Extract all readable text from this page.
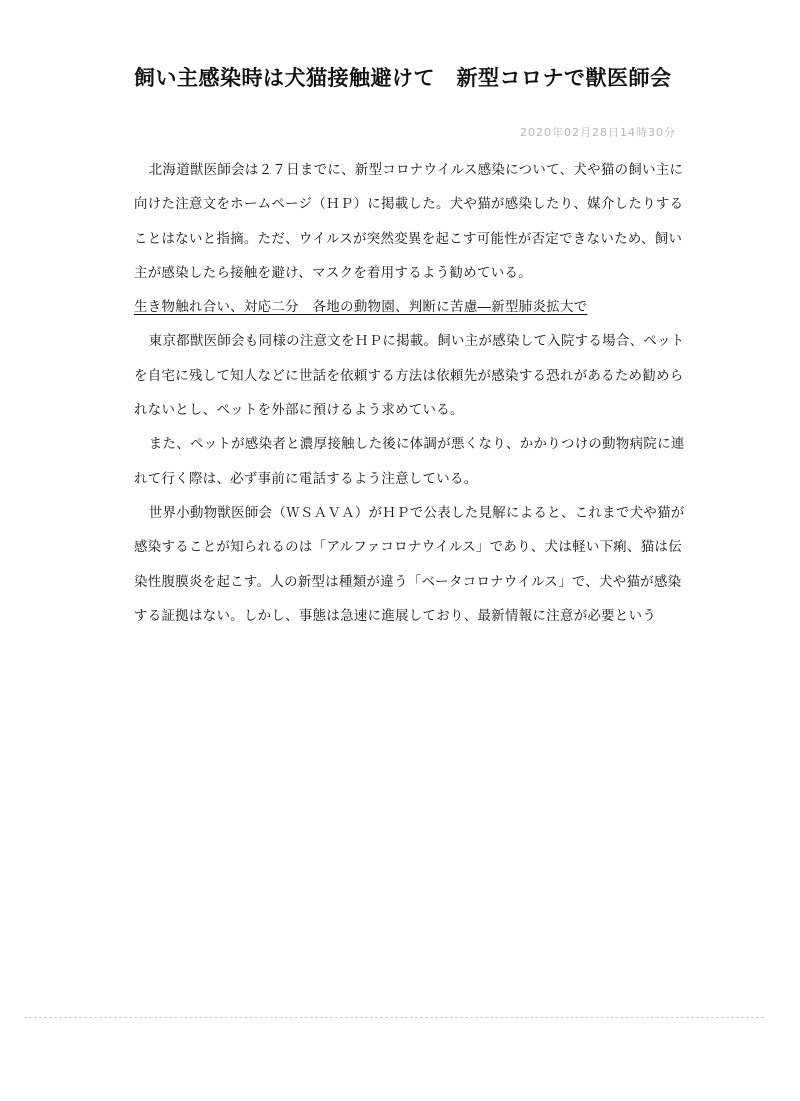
飼い主感染時は犬猫接触避けて　新型コロナで獣医師会
2020年02月28日14時30分

北海道獣医師会は２７日までに、新型コロナウイルス感染について、犬や猫の飼い主に向けた注意文をホームページ（ＨＰ）に掲載した。犬や猫が感染したり、媒介したりすることはないと指摘。ただ、ウイルスが突然変異を起こす可能性が否定できないため、飼い主が感染したら接触を避け、マスクを着用するよう勧めている。

生き物触れ合い、対応二分　各地の動物園、判断に苦慮―新型肺炎拡大で

東京都獣医師会も同様の注意文をＨＰに掲載。飼い主が感染して入院する場合、ペットを自宅に残して知人などに世話を依頼する方法は依頼先が感染する恐れがあるため勧められないとし、ペットを外部に預けるよう求めている。

また、ペットが感染者と濃厚接触した後に体調が悪くなり、かかりつけの動物病院に連れて行く際は、必ず事前に電話するよう注意している。

世界小動物獣医師会（ＷＳＡＶＡ）がＨＰで公表した見解によると、これまで犬や猫が感染することが知られるのは「アルファコロナウイルス」であり、犬は軽い下痢、猫は伝染性腹膜炎を起こす。人の新型は種類が違う「ベータコロナウイルス」で、犬や猫が感染する証拠はない。しかし、事態は急速に進展しており、最新情報に注意が必要という
